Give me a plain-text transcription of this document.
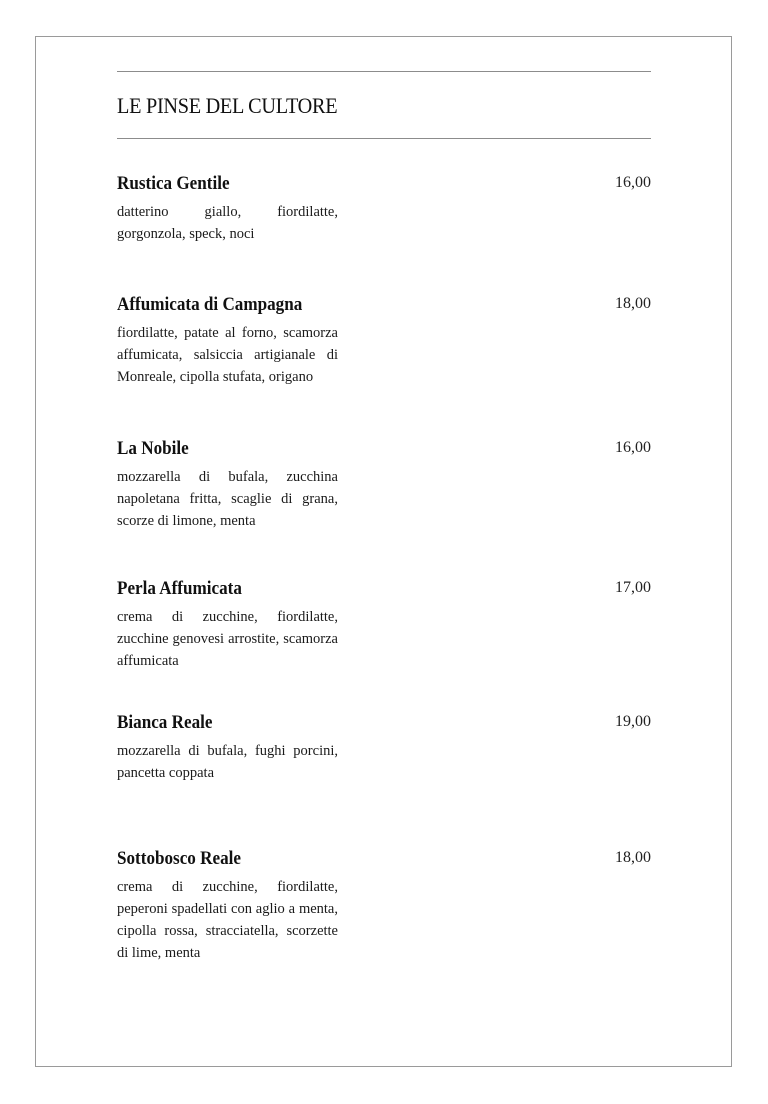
LE PINSE DEL CULTORE
Rustica Gentile	16,00
datterino giallo, fiordilatte, gorgonzola, speck, noci
Affumicata di Campagna	18,00
fiordilatte, patate al forno, scamorza affumicata, salsiccia artigianale di Monreale, cipolla stufata, origano
La Nobile	16,00
mozzarella di bufala, zucchina napoletana fritta, scaglie di grana, scorze di limone, menta
Perla Affumicata	17,00
crema di zucchine, fiordilatte, zucchine genovesi arrostite, scamorza affumicata
Bianca Reale	19,00
mozzarella di bufala, fughi porcini, pancetta coppata
Sottobosco Reale	18,00
crema di zucchine, fiordilatte, peperoni spadellati con aglio a menta, cipolla rossa, stracciatella, scorzette di lime, menta
